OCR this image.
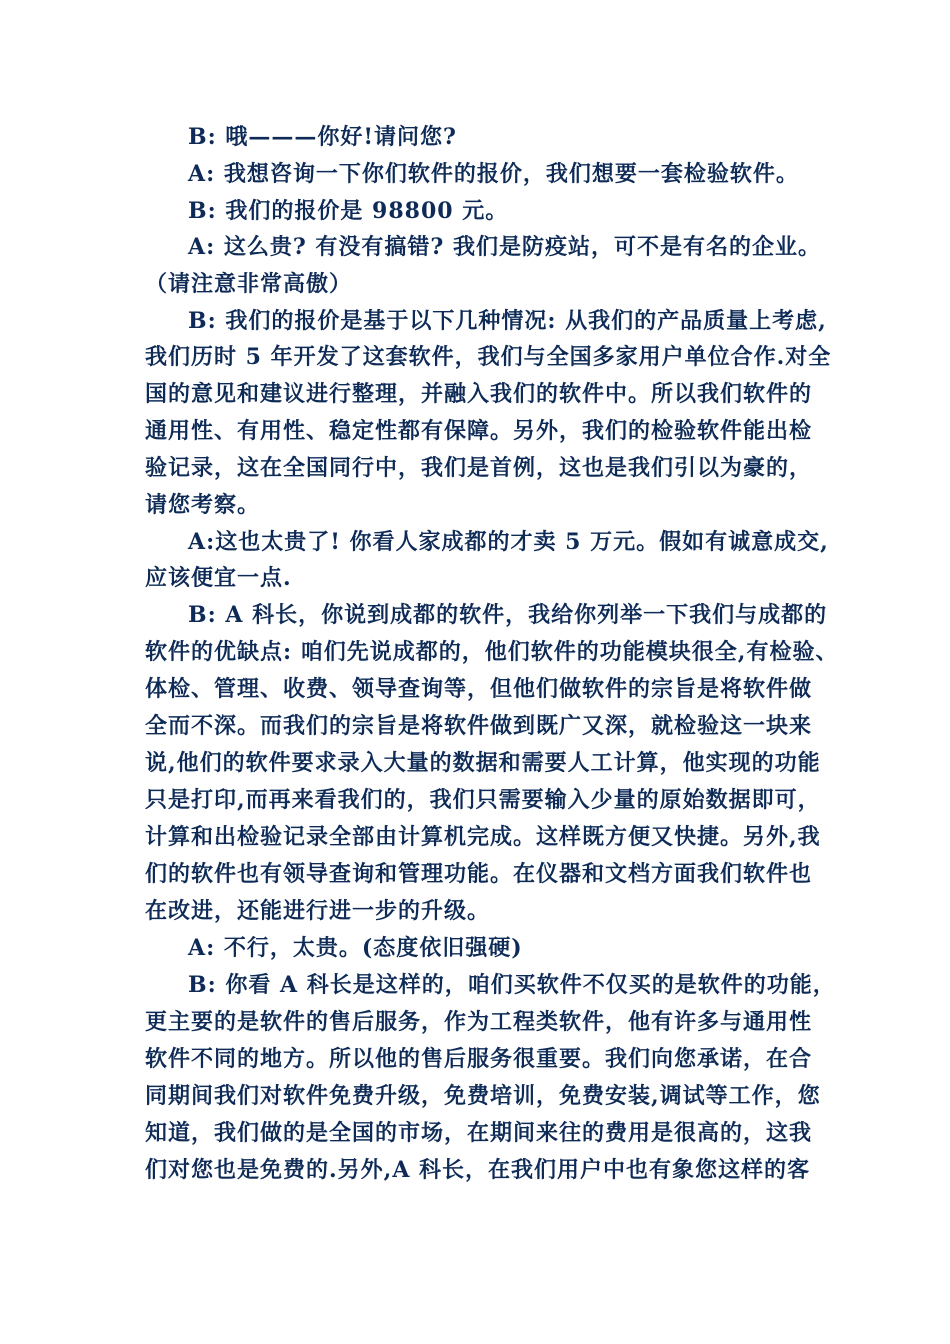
B: 哦———你好!请问您?
A: 我想咨询一下你们软件的报价，我们想要一套检验软件。
B: 我们的报价是 98800 元。
A: 这么贵? 有没有搞错? 我们是防疫站，可不是有名的企业。
（请注意非常高傲）
B: 我们的报价是基于以下几种情况: 从我们的产品质量上考虑,
我们历时 5 年开发了这套软件，我们与全国多家用户单位合作.对全
国的意见和建议进行整理，并融入我们的软件中。所以我们软件的
通用性、有用性、稳定性都有保障。另外，我们的检验软件能出检
验记录，这在全国同行中，我们是首例，这也是我们引以为豪的，
请您考察。
A:这也太贵了! 你看人家成都的才卖 5 万元。假如有诚意成交,
应该便宜一点.
B: A 科长，你说到成都的软件，我给你列举一下我们与成都的
软件的优缺点: 咱们先说成都的，他们软件的功能模块很全,有检验、
体检、管理、收费、领导查询等，但他们做软件的宗旨是将软件做
全而不深。而我们的宗旨是将软件做到既广又深，就检验这一块来
说,他们的软件要求录入大量的数据和需要人工计算，他实现的功能
只是打印,而再来看我们的，我们只需要输入少量的原始数据即可，
计算和出检验记录全部由计算机完成。这样既方便又快捷。另外,我
们的软件也有领导查询和管理功能。在仪器和文档方面我们软件也
在改进，还能进行进一步的升级。
A: 不行，太贵。(态度依旧强硬)
B: 你看 A 科长是这样的，咱们买软件不仅买的是软件的功能，
更主要的是软件的售后服务，作为工程类软件，他有许多与通用性
软件不同的地方。所以他的售后服务很重要。我们向您承诺，在合
同期间我们对软件免费升级，免费培训，免费安装,调试等工作，您
知道，我们做的是全国的市场，在期间来往的费用是很高的，这我
们对您也是免费的.另外,A 科长，在我们用户中也有象您这样的客
